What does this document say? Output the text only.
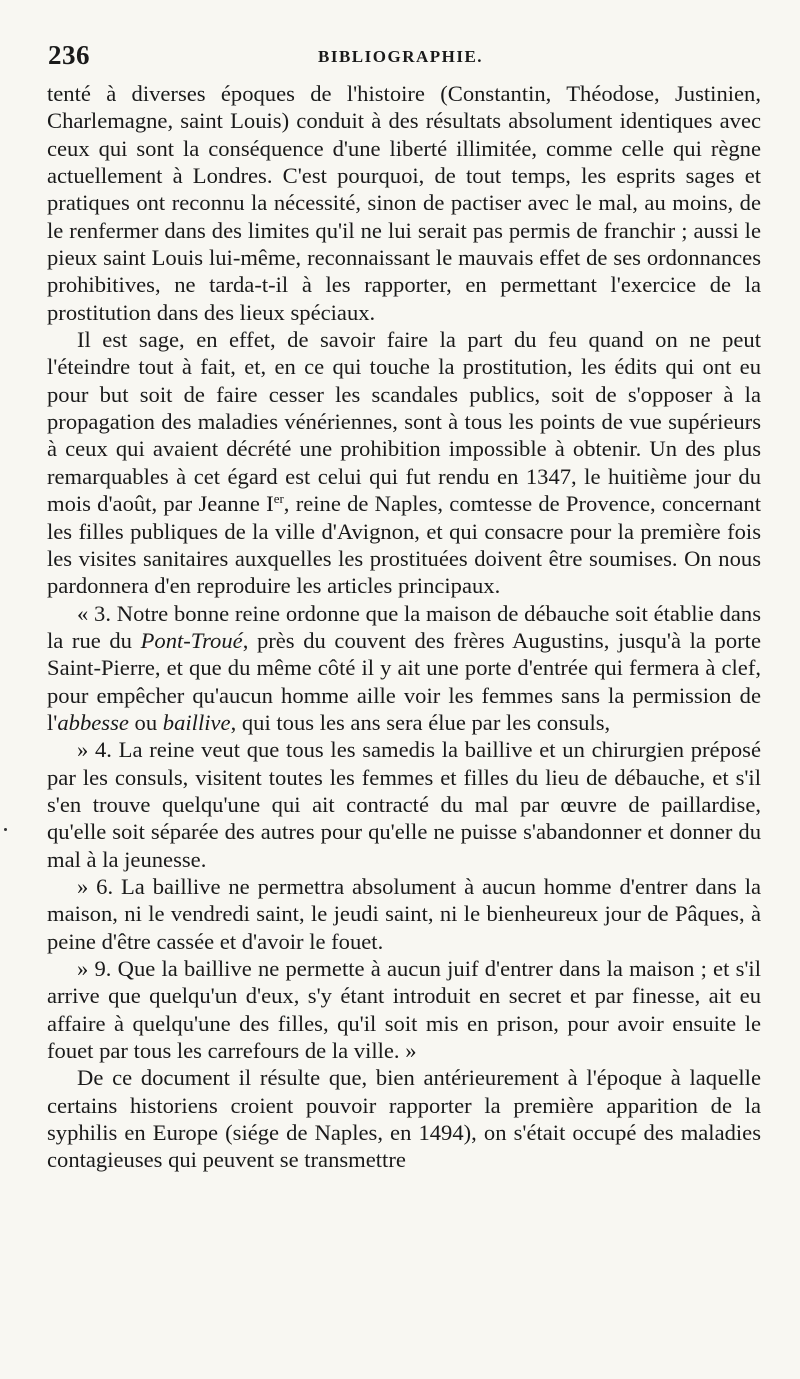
236	BIBLIOGRAPHIE.

tenté à diverses époques de l'histoire (Constantin, Théodose, Justinien, Charlemagne, saint Louis) conduit à des résultats absolument identiques avec ceux qui sont la conséquence d'une liberté illimitée, comme celle qui règne actuellement à Londres. C'est pourquoi, de tout temps, les esprits sages et pratiques ont reconnu la nécessité, sinon de pactiser avec le mal, au moins, de le renfermer dans des limites qu'il ne lui serait pas permis de franchir ; aussi le pieux saint Louis lui-même, reconnaissant le mauvais effet de ses ordonnances prohibitives, ne tarda-t-il à les rapporter, en permettant l'exercice de la prostitution dans des lieux spéciaux.

Il est sage, en effet, de savoir faire la part du feu quand on ne peut l'éteindre tout à fait, et, en ce qui touche la prostitution, les édits qui ont eu pour but soit de faire cesser les scandales publics, soit de s'opposer à la propagation des maladies vénériennes, sont à tous les points de vue supérieurs à ceux qui avaient décrété une prohibition impossible à obtenir. Un des plus remarquables à cet égard est celui qui fut rendu en 1347, le huitième jour du mois d'août, par Jeanne Ier, reine de Naples, comtesse de Provence, concernant les filles publiques de la ville d'Avignon, et qui consacre pour la première fois les visites sanitaires auxquelles les prostituées doivent être soumises. On nous pardonnera d'en reproduire les articles principaux.

« 3. Notre bonne reine ordonne que la maison de débauche soit établie dans la rue du Pont-Troué, près du couvent des frères Augustins, jusqu'à la porte Saint-Pierre, et que du même côté il y ait une porte d'entrée qui fermera à clef, pour empêcher qu'aucun homme aille voir les femmes sans la permission de l'abbesse ou baillive, qui tous les ans sera élue par les consuls,

» 4. La reine veut que tous les samedis la baillive et un chirurgien préposé par les consuls, visitent toutes les femmes et filles du lieu de débauche, et s'il s'en trouve quelqu'une qui ait contracté du mal par œuvre de paillardise, qu'elle soit séparée des autres pour qu'elle ne puisse s'abandonner et donner du mal à la jeunesse.

» 6. La baillive ne permettra absolument à aucun homme d'entrer dans la maison, ni le vendredi saint, le jeudi saint, ni le bienheureux jour de Pâques, à peine d'être cassée et d'avoir le fouet.

» 9. Que la baillive ne permette à aucun juif d'entrer dans la maison ; et s'il arrive que quelqu'un d'eux, s'y étant introduit en secret et par finesse, ait eu affaire à quelqu'une des filles, qu'il soit mis en prison, pour avoir ensuite le fouet par tous les carrefours de la ville. »

De ce document il résulte que, bien antérieurement à l'époque à laquelle certains historiens croient pouvoir rapporter la première apparition de la syphilis en Europe (siége de Naples, en 1494), on s'était occupé des maladies contagieuses qui peuvent se transmettre
